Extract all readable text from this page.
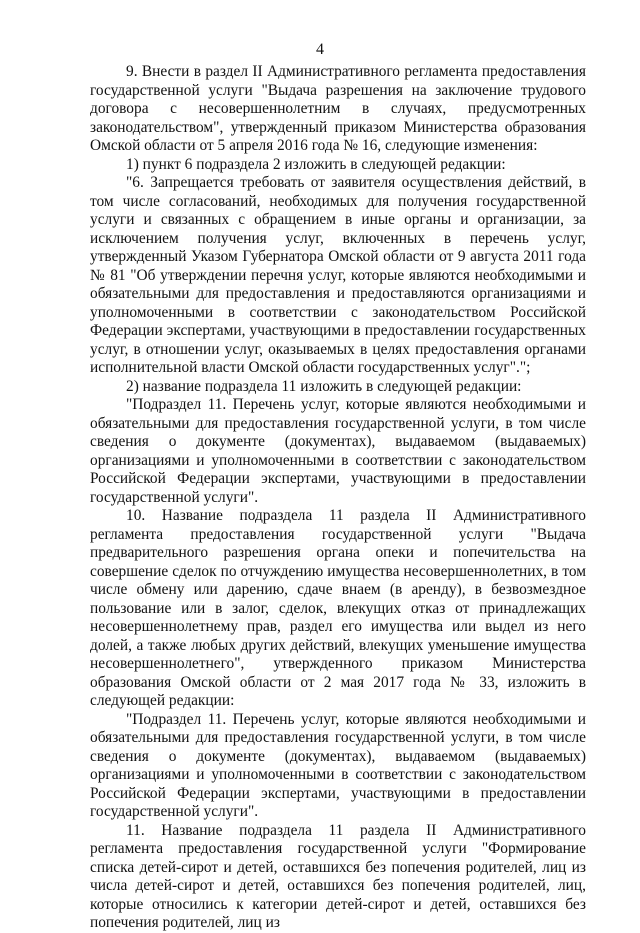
4

9. Внести в раздел II Административного регламента предоставления государственной услуги "Выдача разрешения на заключение трудового договора с несовершеннолетним в случаях, предусмотренных законодательством", утвержденный приказом Министерства образования Омской области от 5 апреля 2016 года № 16, следующие изменения:

1) пункт 6 подраздела 2 изложить в следующей редакции:

"6. Запрещается требовать от заявителя осуществления действий, в том числе согласований, необходимых для получения государственной услуги и связанных с обращением в иные органы и организации, за исключением получения услуг, включенных в перечень услуг, утвержденный Указом Губернатора Омской области от 9 августа 2011 года № 81 "Об утверждении перечня услуг, которые являются необходимыми и обязательными для предоставления и предоставляются организациями и уполномоченными в соответствии с законодательством Российской Федерации экспертами, участвующими в предоставлении государственных услуг, в отношении услуг, оказываемых в целях предоставления органами исполнительной власти Омской области государственных услуг".";

2) название подраздела 11 изложить в следующей редакции:

"Подраздел 11. Перечень услуг, которые являются необходимыми и обязательными для предоставления государственной услуги, в том числе сведения о документе (документах), выдаваемом (выдаваемых) организациями и уполномоченными в соответствии с законодательством Российской Федерации экспертами, участвующими в предоставлении государственной услуги".

10. Название подраздела 11 раздела II Административного регламента предоставления государственной услуги "Выдача предварительного разрешения органа опеки и попечительства на совершение сделок по отчуждению имущества несовершеннолетних, в том числе обмену или дарению, сдаче внаем (в аренду), в безвозмездное пользование или в залог, сделок, влекущих отказ от принадлежащих несовершеннолетнему прав, раздел его имущества или выдел из него долей, а также любых других действий, влекущих уменьшение имущества несовершеннолетнего", утвержденного приказом Министерства образования Омской области от 2 мая 2017 года № 33, изложить в следующей редакции:

"Подраздел 11. Перечень услуг, которые являются необходимыми и обязательными для предоставления государственной услуги, в том числе сведения о документе (документах), выдаваемом (выдаваемых) организациями и уполномоченными в соответствии с законодательством Российской Федерации экспертами, участвующими в предоставлении государственной услуги".

11. Название подраздела 11 раздела II Административного регламента предоставления государственной услуги "Формирование списка детей-сирот и детей, оставшихся без попечения родителей, лиц из числа детей-сирот и детей, оставшихся без попечения родителей, лиц, которые относились к категории детей-сирот и детей, оставшихся без попечения родителей, лиц из
